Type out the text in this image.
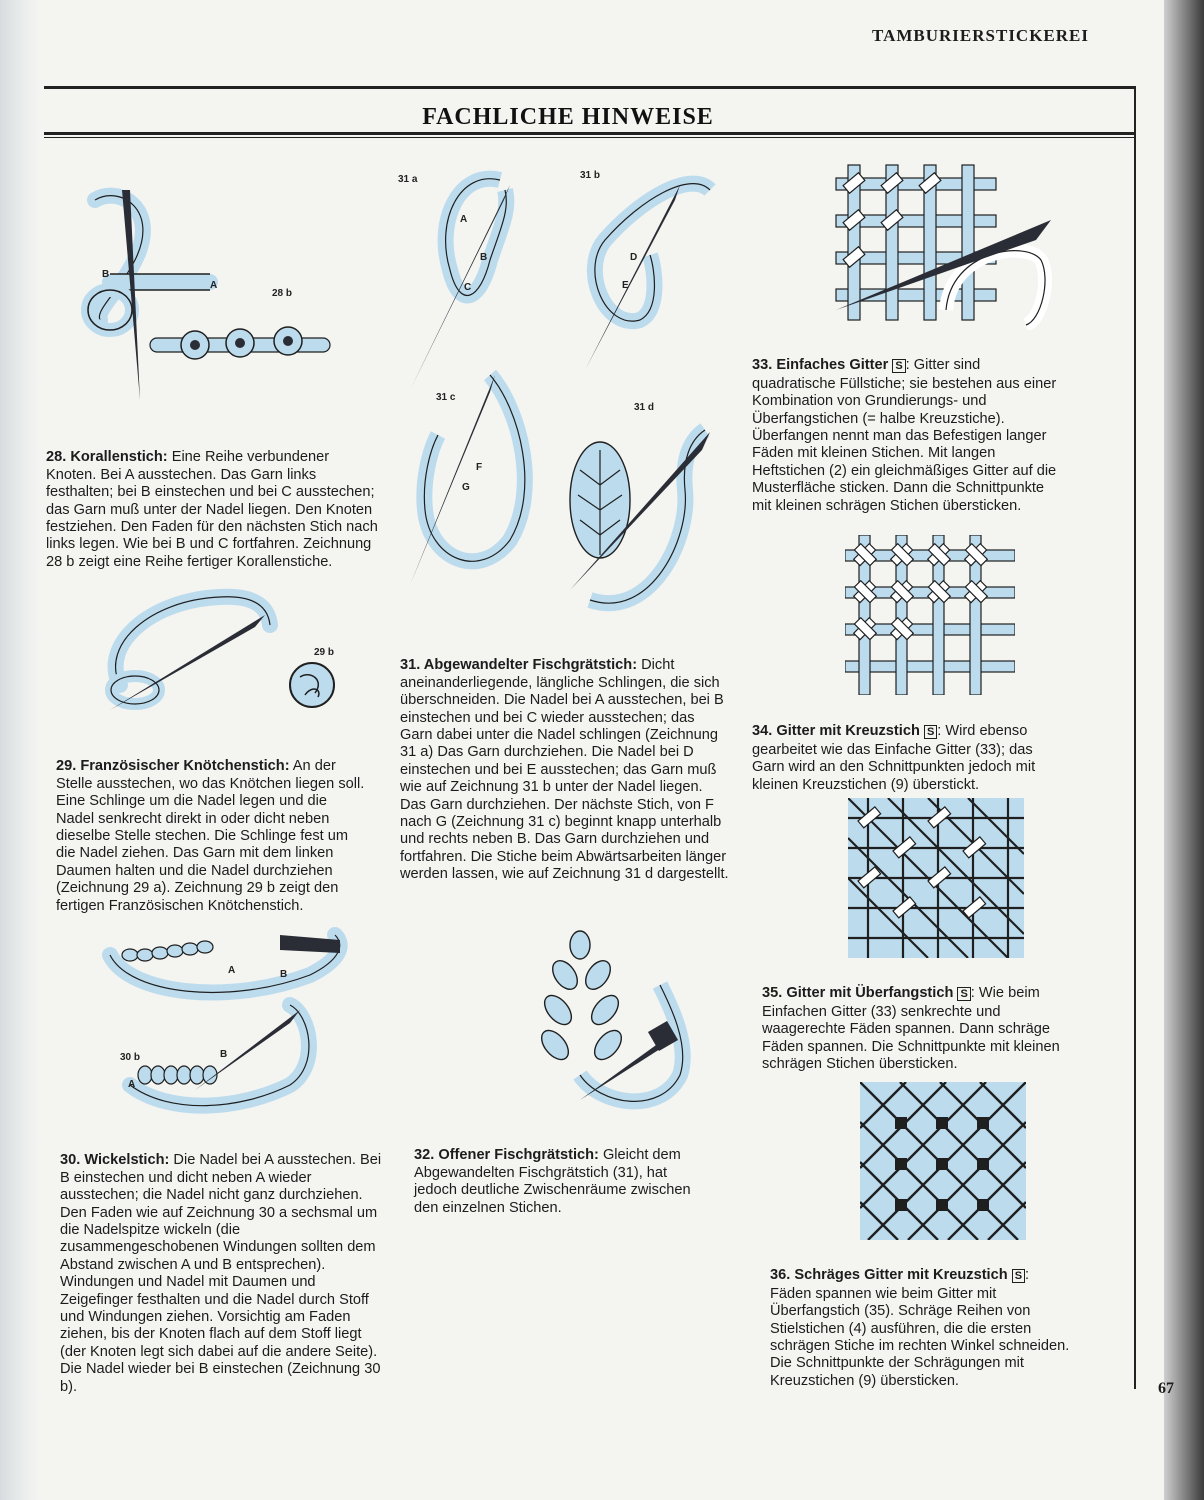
TAMBURIERSTICKEREI
FACHLICHE HINWEISE
B
A
28 b
29 b
A	B
30 b	B
A
31 a
A
B
C
31 b
D
E
31 c
F
G
31 d

28. Korallenstich: Eine Reihe verbundener Knoten. Bei A ausstechen. Das Garn links festhalten; bei B einstechen und bei C ausstechen; das Garn muß unter der Nadel liegen. Den Knoten festziehen. Den Faden für den nächsten Stich nach links legen. Wie bei B und C fortfahren. Zeichnung 28 b zeigt eine Reihe fertiger Korallenstiche.

29. Französischer Knötchenstich: An der Stelle ausstechen, wo das Knötchen liegen soll. Eine Schlinge um die Nadel legen und die Nadel senkrecht direkt in oder dicht neben dieselbe Stelle stechen. Die Schlinge fest um die Nadel ziehen. Das Garn mit dem linken Daumen halten und die Nadel durchziehen (Zeichnung 29 a). Zeichnung 29 b zeigt den fertigen Französischen Knötchenstich.

30. Wickelstich: Die Nadel bei A ausstechen. Bei B einstechen und dicht neben A wieder ausstechen; die Nadel nicht ganz durchziehen. Den Faden wie auf Zeichnung 30 a sechsmal um die Nadelspitze wickeln (die zusammengeschobenen Windungen sollten dem Abstand zwischen A und B entsprechen). Windungen und Nadel mit Daumen und Zeigefinger festhalten und die Nadel durch Stoff und Windungen ziehen. Vorsichtig am Faden ziehen, bis der Knoten flach auf dem Stoff liegt (der Knoten legt sich dabei auf die andere Seite). Die Nadel wieder bei B einstechen (Zeichnung 30 b).

31. Abgewandelter Fischgrätstich: Dicht aneinanderliegende, längliche Schlingen, die sich überschneiden. Die Nadel bei A ausstechen, bei B einstechen und bei C wieder ausstechen; das Garn dabei unter die Nadel schlingen (Zeichnung 31 a) Das Garn durchziehen. Die Nadel bei D einstechen und bei E ausstechen; das Garn muß wie auf Zeichnung 31 b unter der Nadel liegen. Das Garn durchziehen. Der nächste Stich, von F nach G (Zeichnung 31 c) beginnt knapp unterhalb und rechts neben B. Das Garn durchziehen und fortfahren. Die Stiche beim Abwärtsarbeiten länger werden lassen, wie auf Zeichnung 31 d dargestellt.

32. Offener Fischgrätstich: Gleicht dem Abgewandelten Fischgrätstich (31), hat jedoch deutliche Zwischenräume zwischen den einzelnen Stichen.

33. Einfaches Gitter S : Gitter sind quadratische Füllstiche; sie bestehen aus einer Kombination von Grundierungs- und Überfangstichen (= halbe Kreuzstiche). Überfangen nennt man das Befestigen langer Fäden mit kleinen Stichen. Mit langen Heftstichen (2) ein gleichmäßiges Gitter auf die Musterfläche sticken. Dann die Schnittpunkte mit kleinen schrägen Stichen übersticken.

34. Gitter mit Kreuzstich S : Wird ebenso gearbeitet wie das Einfache Gitter (33); das Garn wird an den Schnittpunkten jedoch mit kleinen Kreuzstichen (9) überstickt.

35. Gitter mit Überfangstich S : Wie beim Einfachen Gitter (33) senkrechte und waagerechte Fäden spannen. Dann schräge Fäden spannen. Die Schnittpunkte mit kleinen schrägen Stichen übersticken.

36. Schräges Gitter mit Kreuzstich S : Fäden spannen wie beim Gitter mit Überfangstich (35). Schräge Reihen von Stielstichen (4) ausführen, die die ersten schrägen Stiche im rechten Winkel schneiden. Die Schnittpunkte der Schrägungen mit Kreuzstichen (9) übersticken.	67
